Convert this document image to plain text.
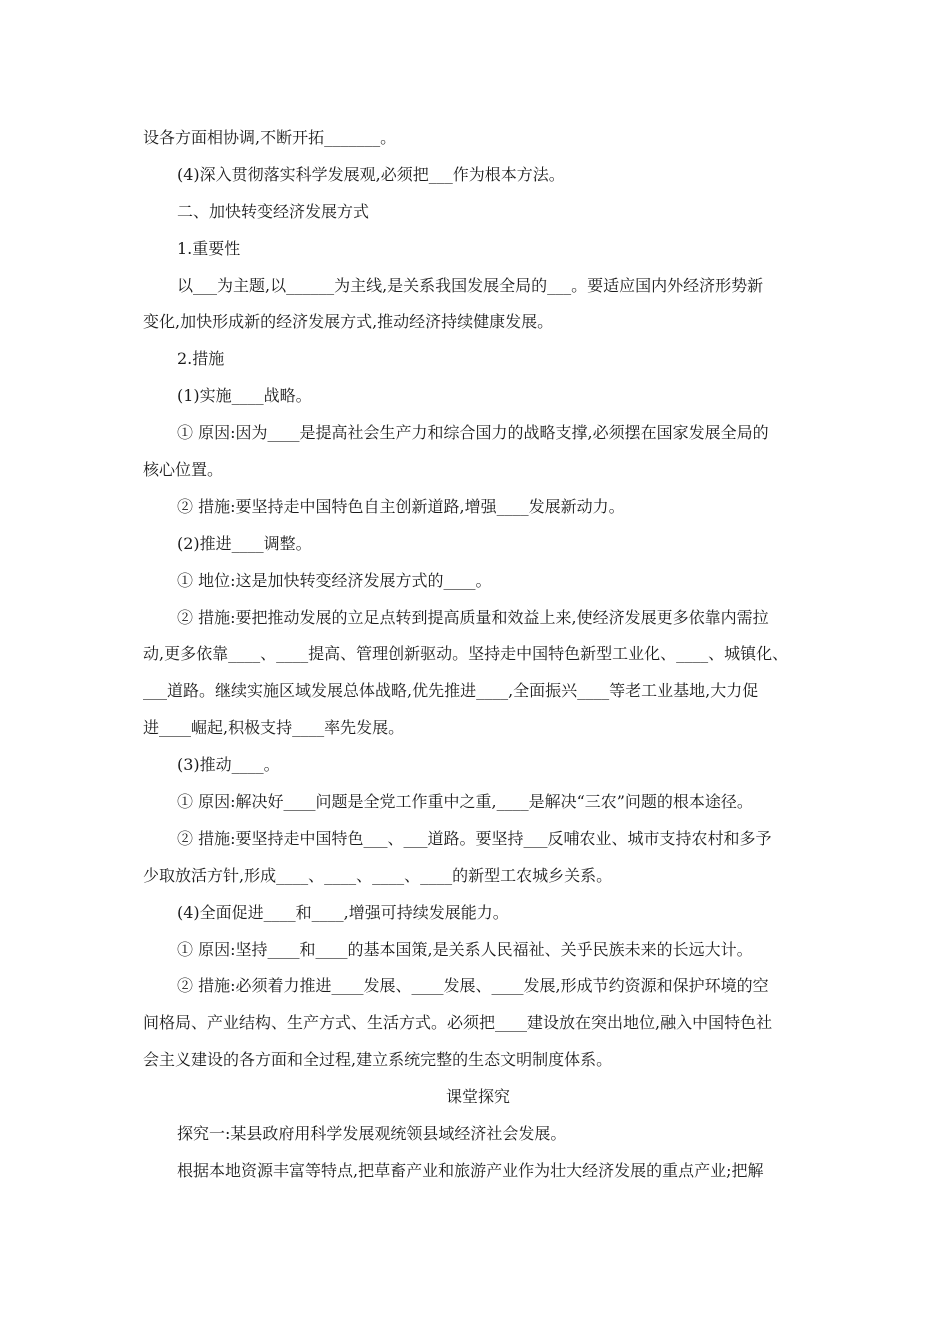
设各方面相协调,不断开拓_______。
(4)深入贯彻落实科学发展观,必须把___作为根本方法。
二、加快转变经济发展方式
1.重要性
以___为主题,以______为主线,是关系我国发展全局的___。要适应国内外经济形势新
变化,加快形成新的经济发展方式,推动经济持续健康发展。
2.措施
(1)实施____战略。
① 原因:因为____是提高社会生产力和综合国力的战略支撑,必须摆在国家发展全局的
核心位置。
② 措施:要坚持走中国特色自主创新道路,增强____发展新动力。
(2)推进____调整。
① 地位:这是加快转变经济发展方式的____。
② 措施:要把推动发展的立足点转到提高质量和效益上来,使经济发展更多依靠内需拉
动,更多依靠____、____提高、管理创新驱动。坚持走中国特色新型工业化、____、城镇化、
___道路。继续实施区域发展总体战略,优先推进____,全面振兴____等老工业基地,大力促
进____崛起,积极支持____率先发展。
(3)推动____。
① 原因:解决好____问题是全党工作重中之重,____是解决“三农”问题的根本途径。
② 措施:要坚持走中国特色___、___道路。要坚持___反哺农业、城市支持农村和多予
少取放活方针,形成____、____、____、____的新型工农城乡关系。
(4)全面促进____和____,增强可持续发展能力。
① 原因:坚持____和____的基本国策,是关系人民福祉、关乎民族未来的长远大计。
② 措施:必须着力推进____发展、____发展、____发展,形成节约资源和保护环境的空
间格局、产业结构、生产方式、生活方式。必须把____建设放在突出地位,融入中国特色社
会主义建设的各方面和全过程,建立系统完整的生态文明制度体系。
课堂探究
探究一:某县政府用科学发展观统领县域经济社会发展。
根据本地资源丰富等特点,把草畜产业和旅游产业作为壮大经济发展的重点产业;把解
